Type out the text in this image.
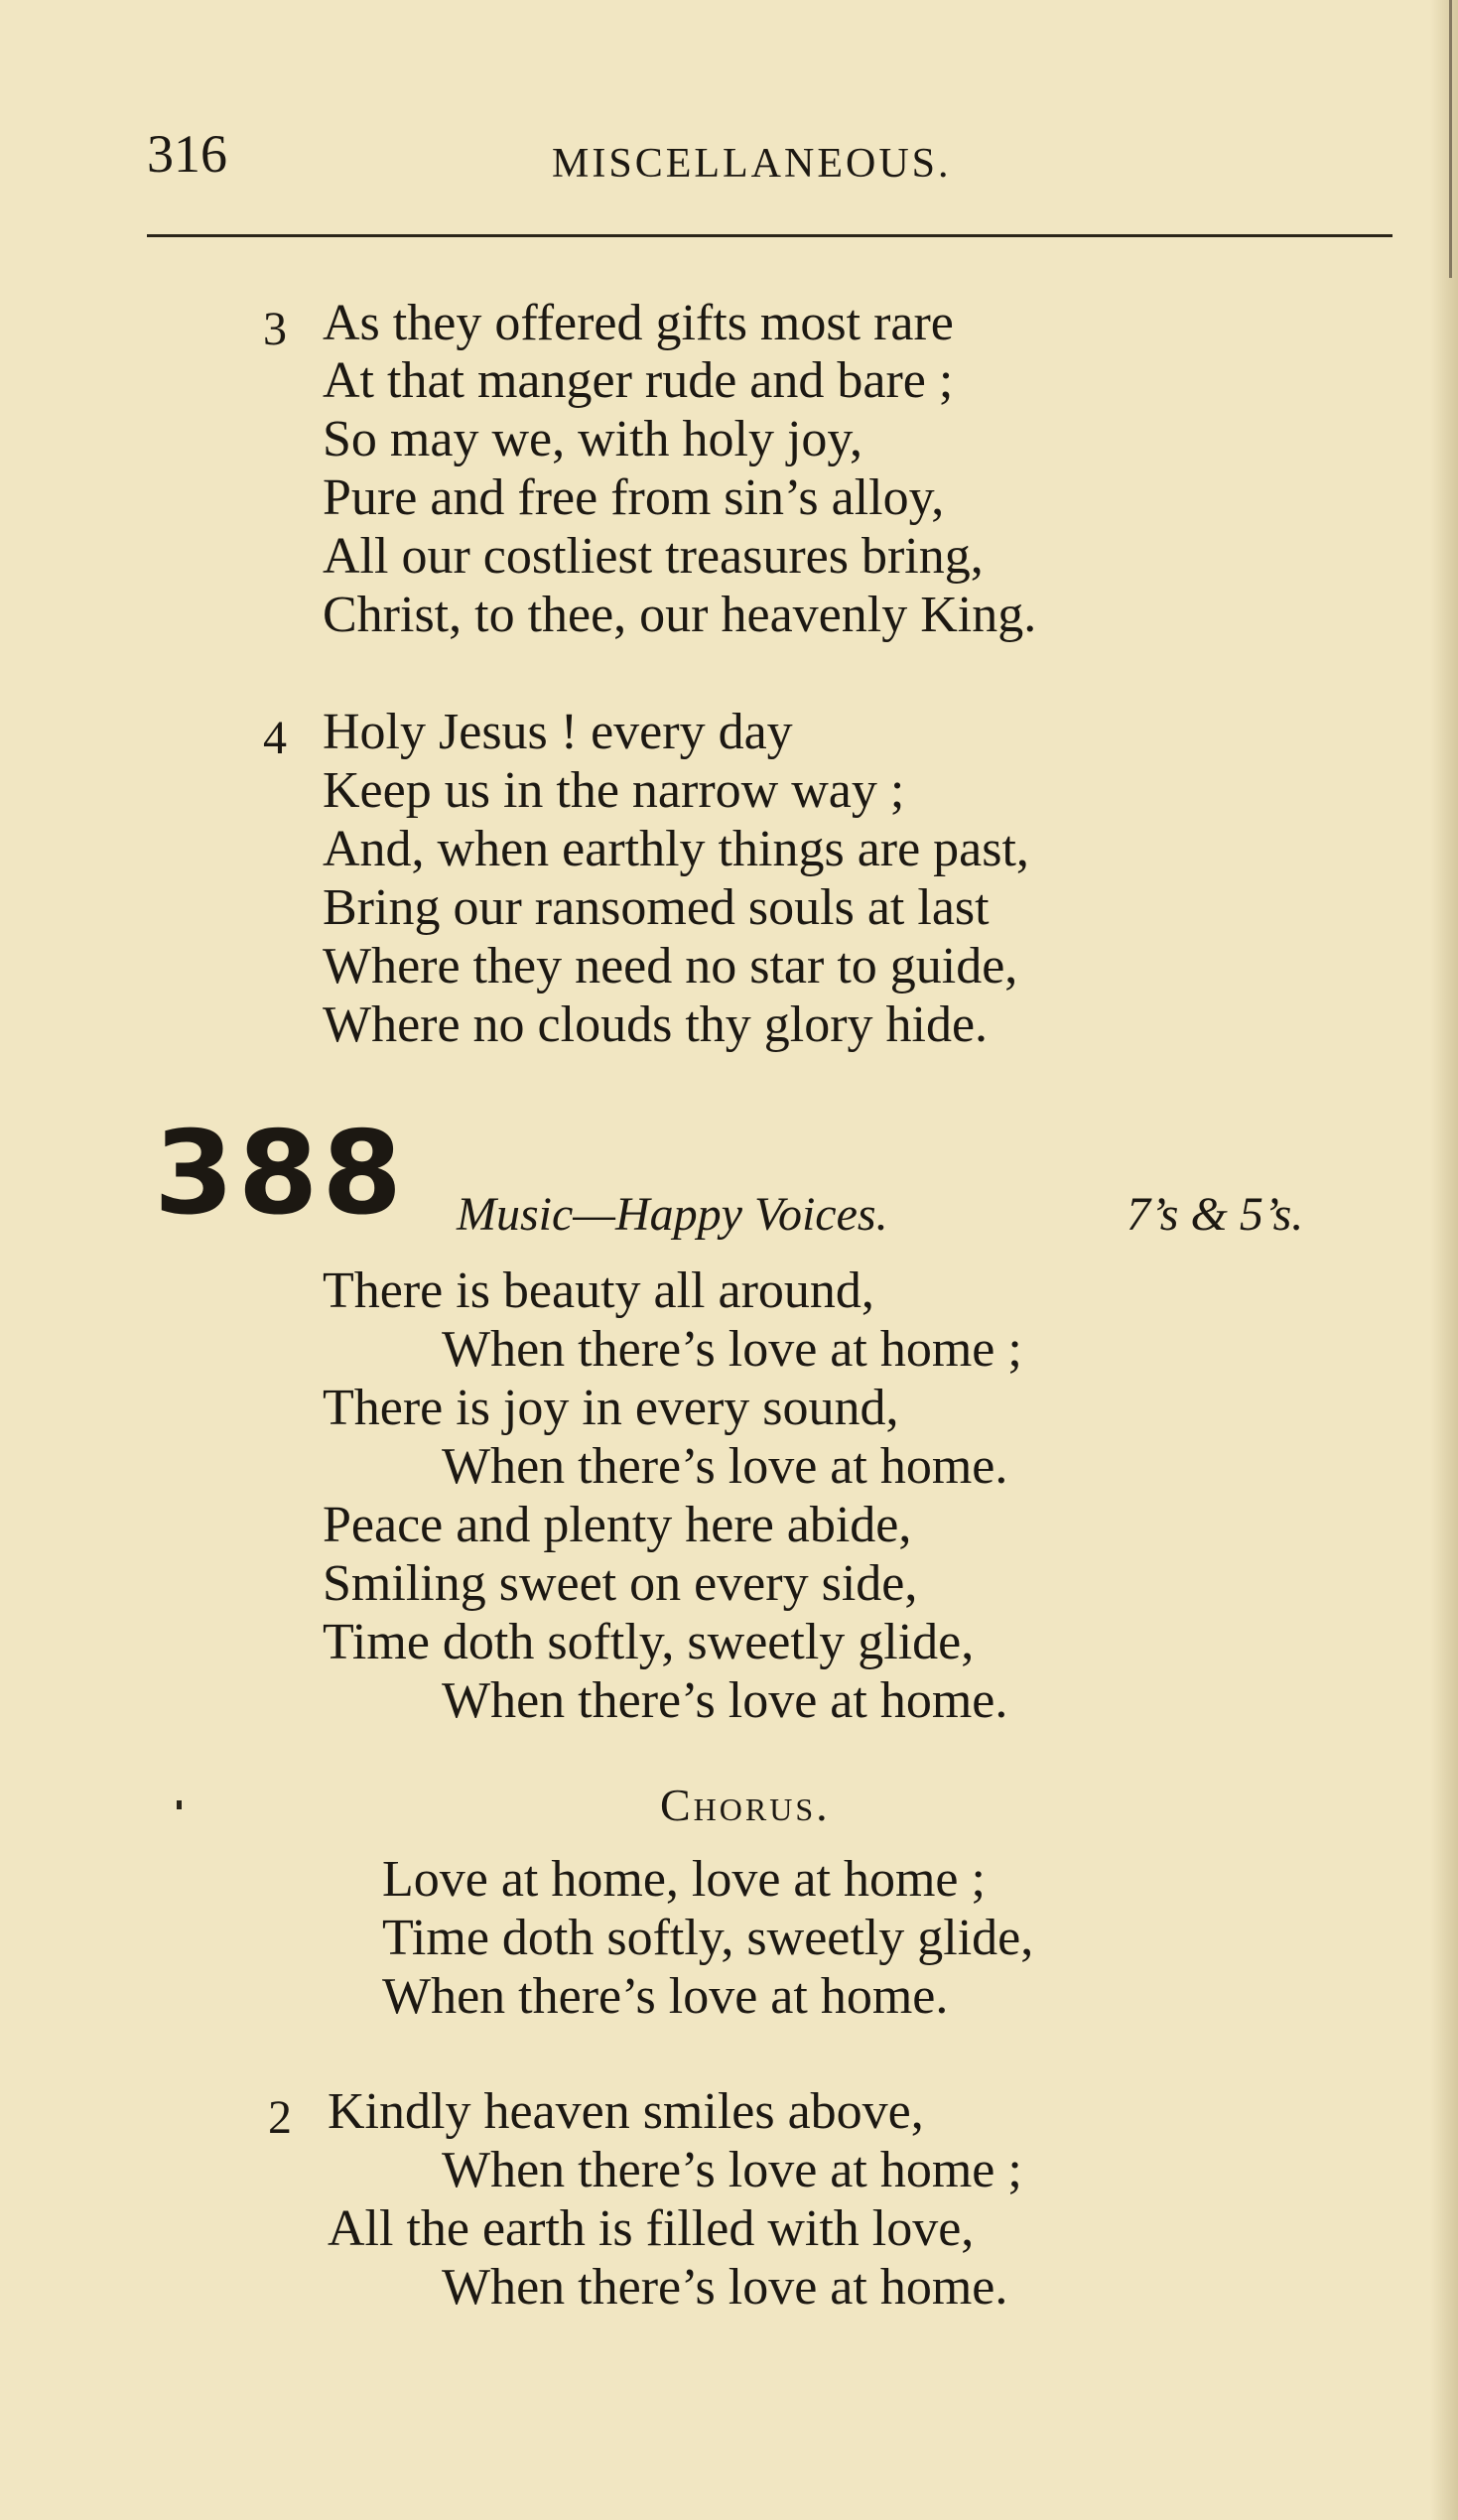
316	MISCELLANEOUS.
3 As they offered gifts most rare
At that manger rude and bare ;
So may we, with holy joy,
Pure and free from sin’s alloy,
All our costliest treasures bring,
Christ, to thee, our heavenly King.
4 Holy Jesus ! every day
Keep us in the narrow way ;
And, when earthly things are past,
Bring our ransomed souls at last
Where they need no star to guide,
Where no clouds thy glory hide.
388 Music—Happy Voices.	7’s & 5’s.
There is beauty all around,
When there’s love at home ;
There is joy in every sound,
When there’s love at home.
Peace and plenty here abide,
Smiling sweet on every side,
Time doth softly, sweetly glide,
When there’s love at home.
Chorus.
Love at home, love at home ;
Time doth softly, sweetly glide,
When there’s love at home.
2 Kindly heaven smiles above,
When there’s love at home ;
All the earth is filled with love,
When there’s love at home.
